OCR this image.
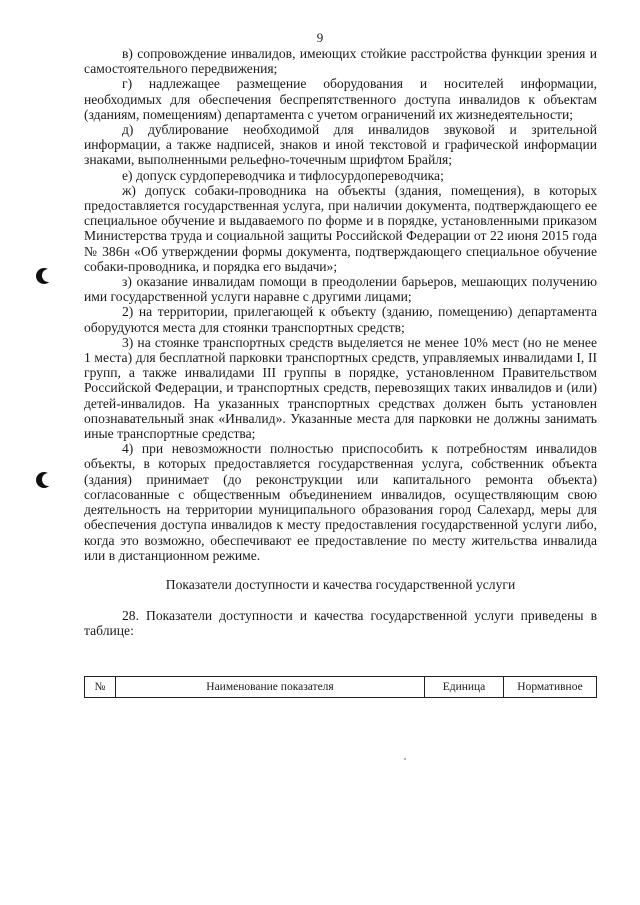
9

в) сопровождение инвалидов, имеющих стойкие расстройства функции зрения и самостоятельного передвижения;

г) надлежащее размещение оборудования и носителей информации, необходимых для обеспечения беспрепятственного доступа инвалидов к объектам (зданиям, помещениям) департамента с учетом ограничений их жизнедеятельности;

д) дублирование необходимой для инвалидов звуковой и зрительной информации, а также надписей, знаков и иной текстовой и графической информации знаками, выполненными рельефно-точечным шрифтом Брайля;

е) допуск сурдопереводчика и тифлосурдопереводчика;

ж) допуск собаки-проводника на объекты (здания, помещения), в которых предоставляется государственная услуга, при наличии документа, подтверждающего ее специальное обучение и выдаваемого по форме и в порядке, установленными приказом Министерства труда и социальной защиты Российской Федерации от 22 июня 2015 года № 386н «Об утверждении формы документа, подтверждающего специальное обучение собаки-проводника, и порядка его выдачи»;

з) оказание инвалидам помощи в преодолении барьеров, мешающих получению ими государственной услуги наравне с другими лицами;

2) на территории, прилегающей к объекту (зданию, помещению) департамента оборудуются места для стоянки транспортных средств;

3) на стоянке транспортных средств выделяется не менее 10% мест (но не менее 1 места) для бесплатной парковки транспортных средств, управляемых инвалидами I, II групп, а также инвалидами III группы в порядке, установленном Правительством Российской Федерации, и транспортных средств, перевозящих таких инвалидов и (или) детей-инвалидов. На указанных транспортных средствах должен быть установлен опознавательный знак «Инвалид». Указанные места для парковки не должны занимать иные транспортные средства;

4) при невозможности полностью приспособить к потребностям инвалидов объекты, в которых предоставляется государственная услуга, собственник объекта (здания) принимает (до реконструкции или капитального ремонта объекта) согласованные с общественным объединением инвалидов, осуществляющим свою деятельность на территории муниципального образования город Салехард, меры для обеспечения доступа инвалидов к месту предоставления государственной услуги либо, когда это возможно, обеспечивают ее предоставление по месту жительства инвалида или в дистанционном режиме.

Показатели доступности и качества государственной услуги

28. Показатели доступности и качества государственной услуги приведены в таблице:

№	Наименование показателя	Единица	Нормативное
